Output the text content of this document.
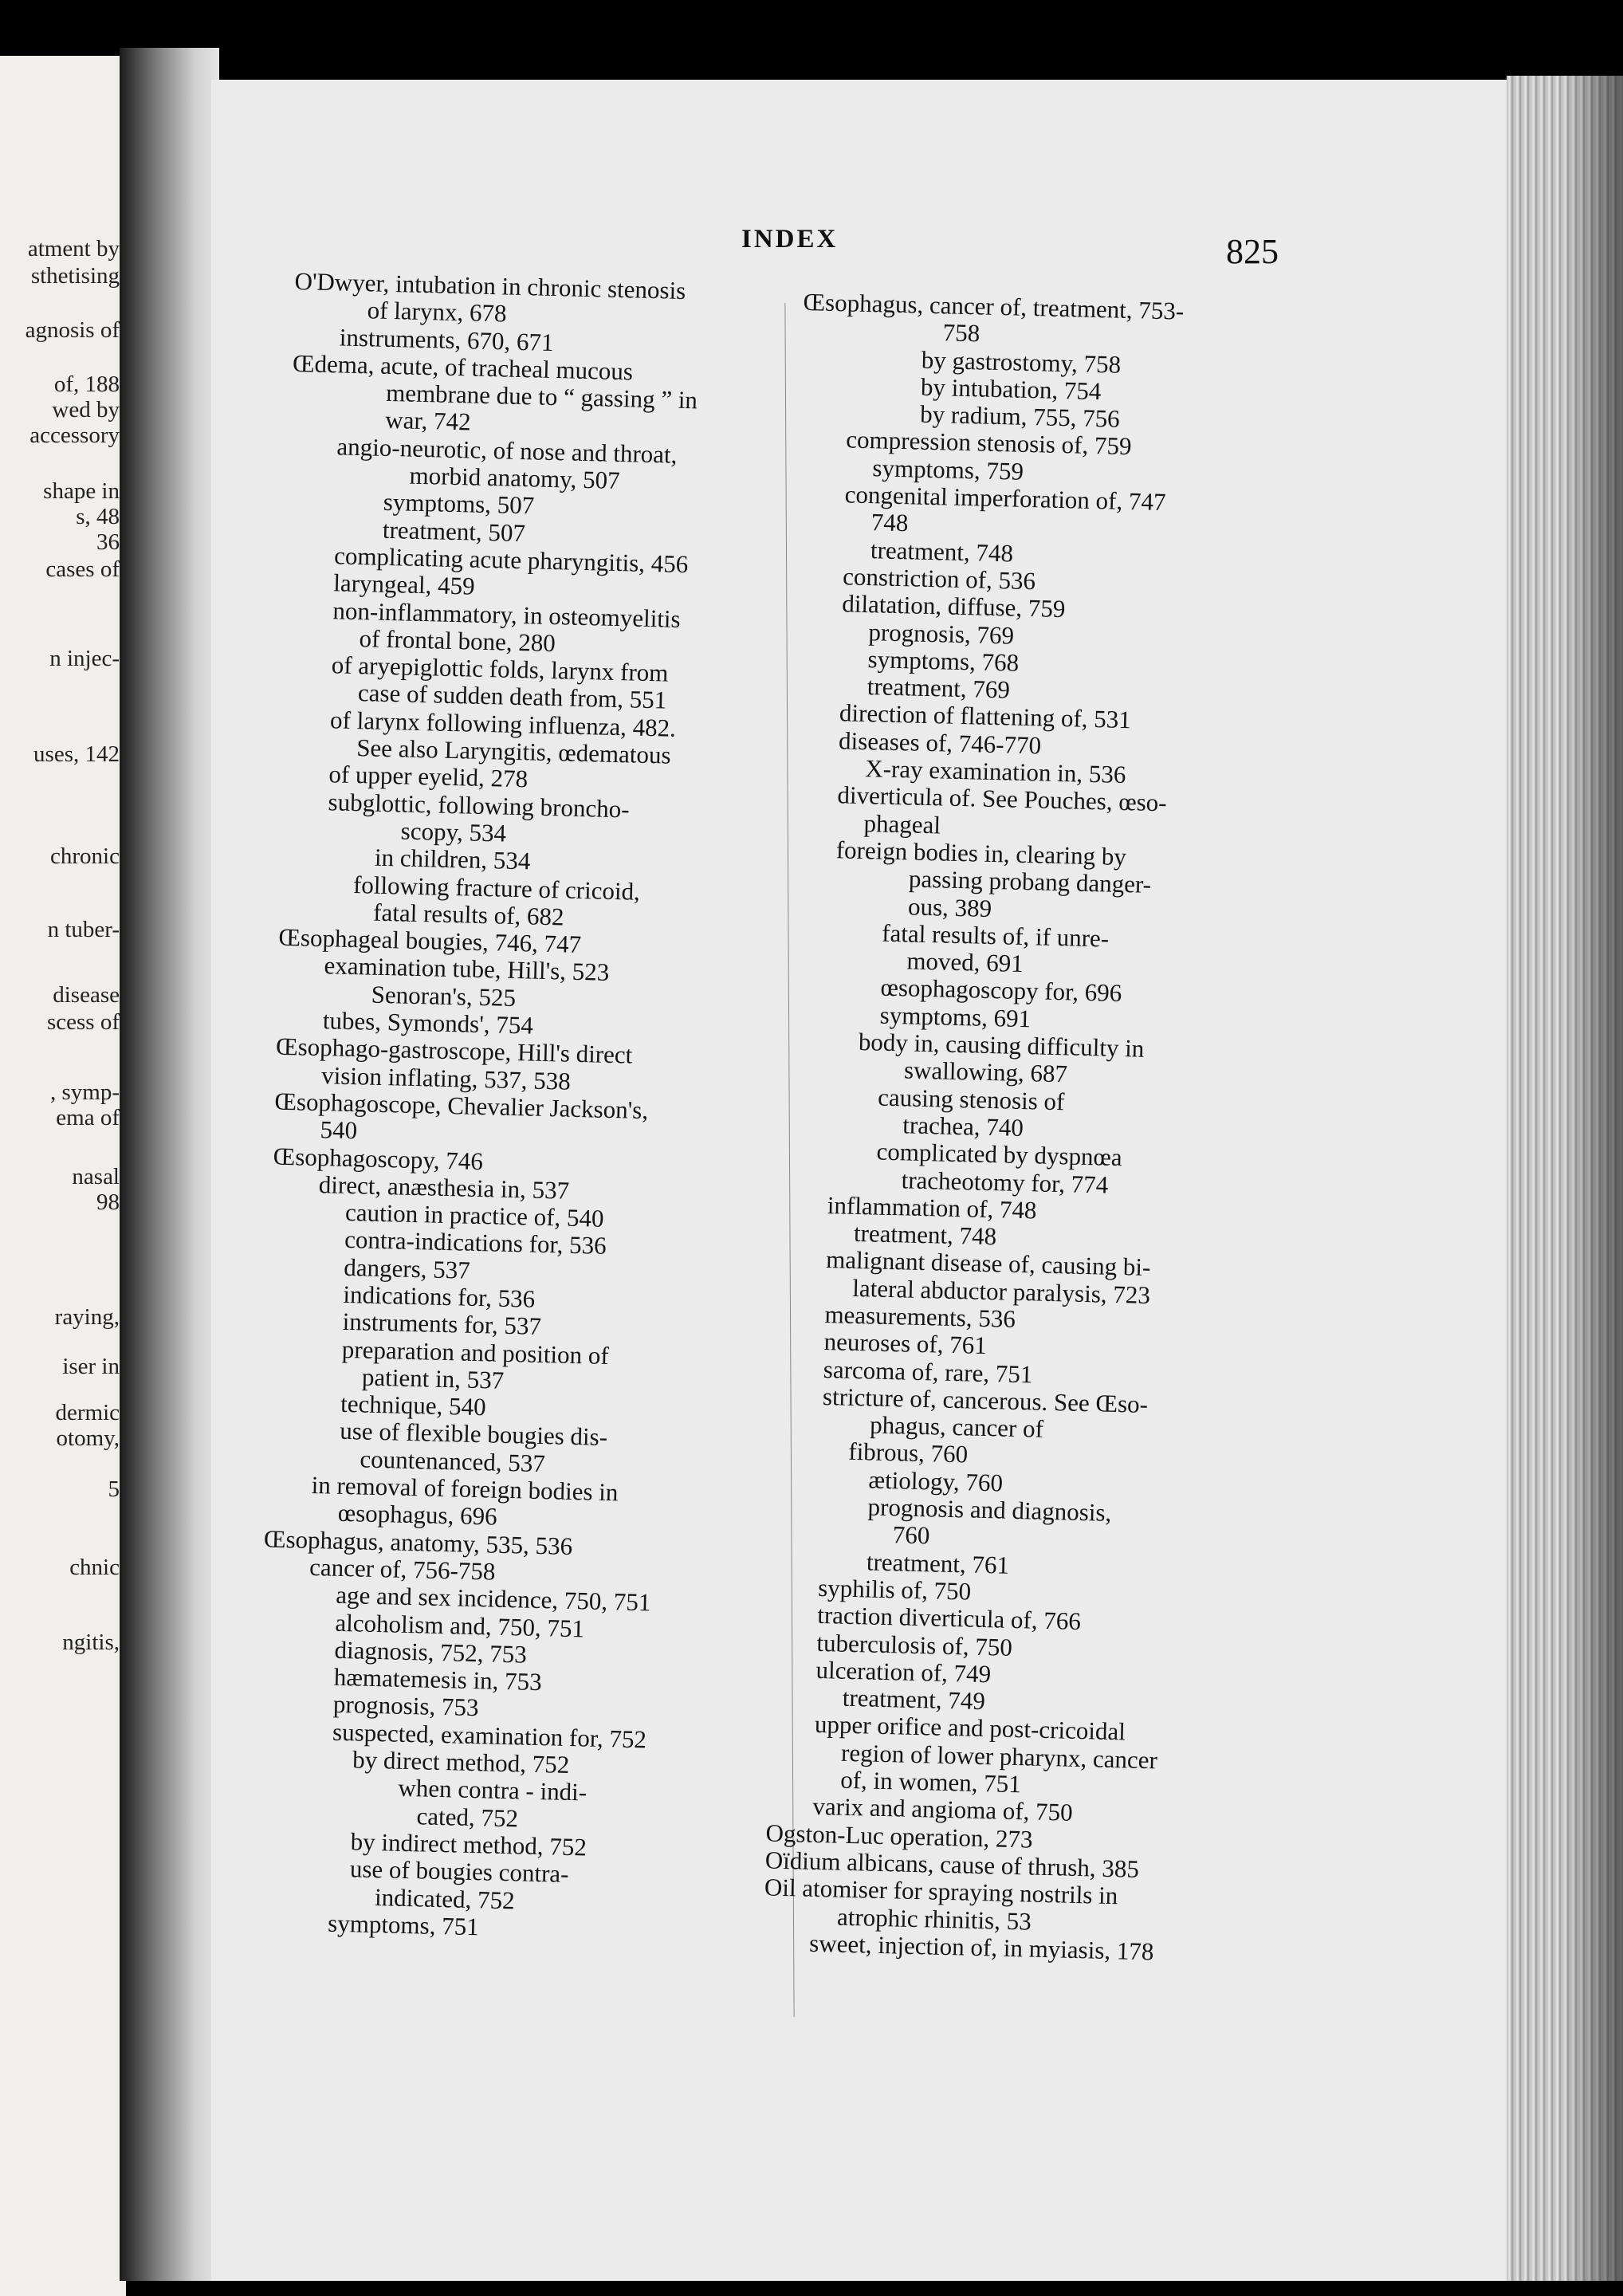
atment by
sthetising
agnosis of
of, 188
wed by
accessory
shape in
s, 48
36
cases of
n injec-
uses, 142
chronic
n tuber-
disease
scess of
, symp-
ema of
nasal
98
raying,
iser in
dermic
otomy,
5
chnic
ngitis,
INDEX	825
O'Dwyer, intubation in chronic stenosis
of larynx, 678
instruments, 670, 671
Œdema, acute, of tracheal mucous
membrane due to “ gassing ” in
war, 742
angio-neurotic, of nose and throat,
morbid anatomy, 507
symptoms, 507
treatment, 507
complicating acute pharyngitis, 456
laryngeal, 459
non-inflammatory, in osteomyelitis
of frontal bone, 280
of aryepiglottic folds, larynx from
case of sudden death from, 551
of larynx following influenza, 482.
See also Laryngitis, œdematous
of upper eyelid, 278
subglottic, following broncho-
scopy, 534
in children, 534
following fracture of cricoid,
fatal results of, 682
Œsophageal bougies, 746, 747
examination tube, Hill's, 523
Senoran's, 525
tubes, Symonds', 754
Œsophago-gastroscope, Hill's direct
vision inflating, 537, 538
Œsophagoscope, Chevalier Jackson's,
540
Œsophagoscopy, 746
direct, anæsthesia in, 537
caution in practice of, 540
contra-indications for, 536
dangers, 537
indications for, 536
instruments for, 537
preparation and position of
patient in, 537
technique, 540
use of flexible bougies dis-
countenanced, 537
in removal of foreign bodies in
œsophagus, 696
Œsophagus, anatomy, 535, 536
cancer of, 756-758
age and sex incidence, 750, 751
alcoholism and, 750, 751
diagnosis, 752, 753
hæmatemesis in, 753
prognosis, 753
suspected, examination for, 752
by direct method, 752
when contra - indi-
cated, 752
by indirect method, 752
use of bougies contra-
indicated, 752
symptoms, 751
Œsophagus, cancer of, treatment, 753-
758
by gastrostomy, 758
by intubation, 754
by radium, 755, 756
compression stenosis of, 759
symptoms, 759
congenital imperforation of, 747
748
treatment, 748
constriction of, 536
dilatation, diffuse, 759
prognosis, 769
symptoms, 768
treatment, 769
direction of flattening of, 531
diseases of, 746-770
X-ray examination in, 536
diverticula of. See Pouches, œso-
phageal
foreign bodies in, clearing by
passing probang danger-
ous, 389
fatal results of, if unre-
moved, 691
œsophagoscopy for, 696
symptoms, 691
body in, causing difficulty in
swallowing, 687
causing stenosis of
trachea, 740
complicated by dyspnœa
tracheotomy for, 774
inflammation of, 748
treatment, 748
malignant disease of, causing bi-
lateral abductor paralysis, 723
measurements, 536
neuroses of, 761
sarcoma of, rare, 751
stricture of, cancerous. See Œso-
phagus, cancer of
fibrous, 760
ætiology, 760
prognosis and diagnosis,
760
treatment, 761
syphilis of, 750
traction diverticula of, 766
tuberculosis of, 750
ulceration of, 749
treatment, 749
upper orifice and post-cricoidal
region of lower pharynx, cancer
of, in women, 751
varix and angioma of, 750
Ogston-Luc operation, 273
Oïdium albicans, cause of thrush, 385
Oil atomiser for spraying nostrils in
atrophic rhinitis, 53
sweet, injection of, in myiasis, 178
